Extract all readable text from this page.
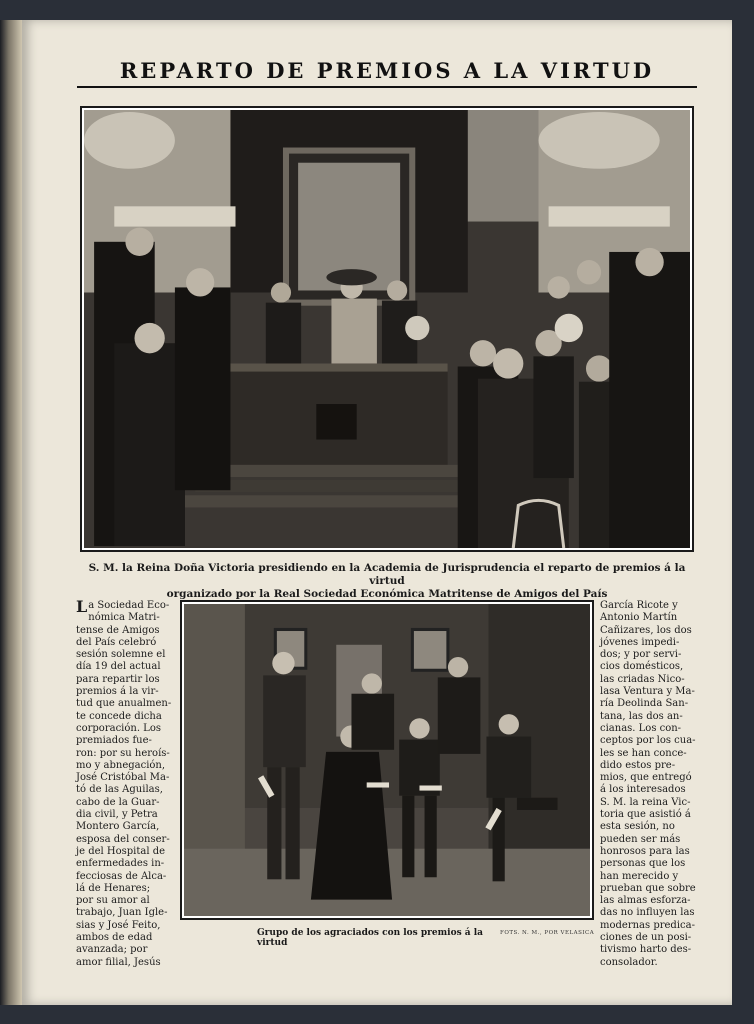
REPARTO DE PREMIOS A LA VIRTUD
S. M. la Reina Doña Victoria presidiendo en la Academia de Jurisprudencia el reparto de premios á la virtud
organizado por la Real Sociedad Económica Matritense de Amigos del País
La Sociedad Eco-
nómica Matri-
tense de Amigos
del País celebró
sesión solemne el
día 19 del actual
para repartir los
premios á la vir-
tud que anualmen-
te concede dicha
corporación. Los
premiados fue-
ron: por su heroís-
mo y abnegación,
José Cristóbal Ma-
tó de las Aguilas,
cabo de la Guar-
dia civil, y Petra
Montero García,
esposa del conser-
je del Hospital de
enfermedades in-
fecciosas de Alca-
lá de Henares;
por su amor al
trabajo, Juan Igle-
sias y José Feito,
ambos de edad
avanzada; por
amor filial, Jesús
García Ricote y
Antonio Martín
Cañizares, los dos
jóvenes impedi-
dos; y por servi-
cios domésticos,
las criadas Nico-
lasa Ventura y Ma-
ría Deolinda San-
tana, las dos an-
cianas. Los con-
ceptos por los cua-
les se han conce-
dido estos pre-
mios, que entregó
á los interesados
S. M. la reina Vic-
toria que asistió á
esta sesión, no
pueden ser más
honrosos para las
personas que los
han merecido y
prueban que sobre
las almas esforza-
das no influyen las
modernas predica-
ciones de un posi-
tivismo harto des-
consolador.
Grupo de los agraciados con los premios á la virtud
FOTS. N. M., POR VELASICA
